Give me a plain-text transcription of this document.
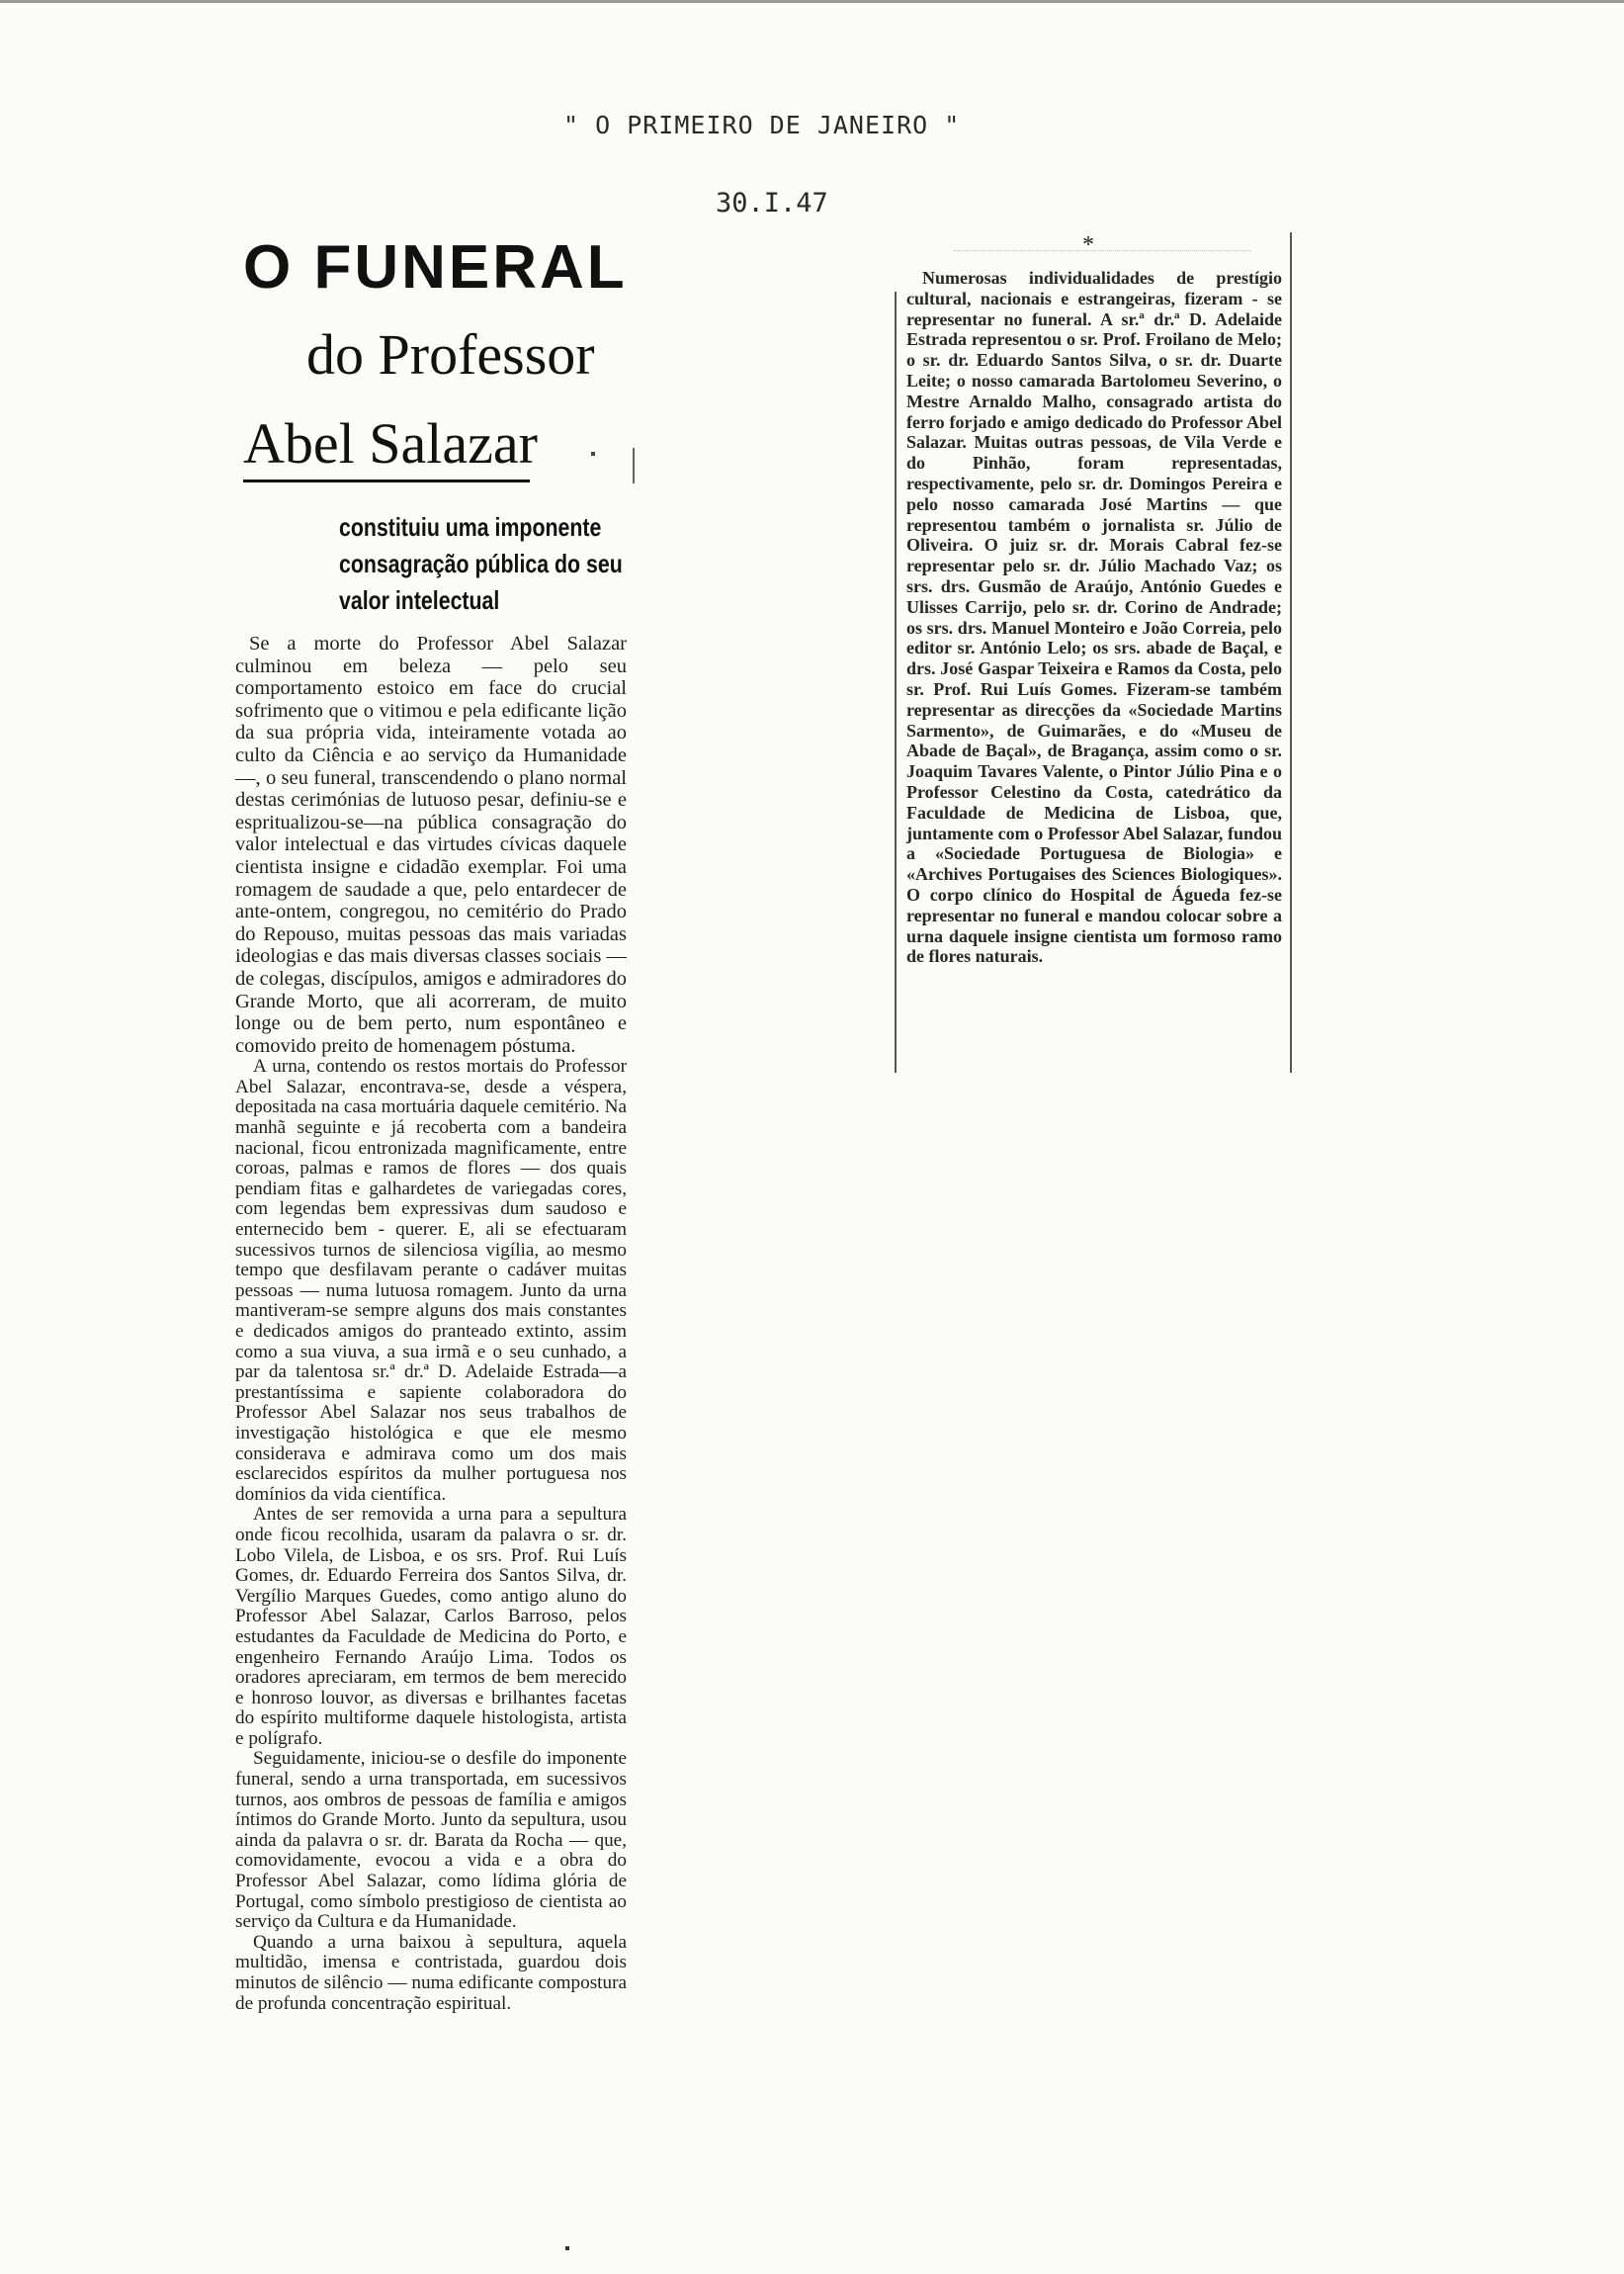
" O PRIMEIRO DE JANEIRO "
30.I.47
O FUNERAL
do Professor
Abel Salazar
constituiu uma imponente
consagração pública do seu
valor intelectual

Se a morte do Professor Abel Salazar culminou em beleza — pelo seu comportamento estoico em face do crucial sofrimento que o vitimou e pela edificante lição da sua própria vida, inteiramente votada ao culto da Ciência e ao serviço da Humanidade—, o seu funeral, transcendendo o plano normal destas cerimónias de lutuoso pesar, definiu-se e espritualizou-se—na pública consagração do valor intelectual e das virtudes cívicas daquele cientista insigne e cidadão exemplar. Foi uma romagem de saudade a que, pelo entardecer de ante-ontem, congregou, no cemitério do Prado do Repouso, muitas pessoas das mais variadas ideologias e das mais diversas classes sociais — de colegas, discípulos, amigos e admiradores do Grande Morto, que ali acorreram, de muito longe ou de bem perto, num espontâneo e comovido preito de homenagem póstuma.

A urna, contendo os restos mortais do Professor Abel Salazar, encontrava-se, desde a véspera, depositada na casa mortuária daquele cemitério. Na manhã seguinte e já recoberta com a bandeira nacional, ficou entronizada magnìficamente, entre coroas, palmas e ramos de flores — dos quais pendiam fitas e galhardetes de variegadas cores, com legendas bem expressivas dum saudoso e enternecido bem - querer. E, ali se efectuaram sucessivos turnos de silenciosa vigília, ao mesmo tempo que desfilavam perante o cadáver muitas pessoas — numa lutuosa romagem. Junto da urna mantiveram-se sempre alguns dos mais constantes e dedicados amigos do pranteado extinto, assim como a sua viuva, a sua irmã e o seu cunhado, a par da talentosa sr.ª dr.ª D. Adelaide Estrada—a prestantíssima e sapiente colaboradora do Professor Abel Salazar nos seus trabalhos de investigação histológica e que ele mesmo considerava e admirava como um dos mais esclarecidos espíritos da mulher portuguesa nos domínios da vida científica.

Antes de ser removida a urna para a sepultura onde ficou recolhida, usaram da palavra o sr. dr. Lobo Vilela, de Lisboa, e os srs. Prof. Rui Luís Gomes, dr. Eduardo Ferreira dos Santos Silva, dr. Vergílio Marques Guedes, como antigo aluno do Professor Abel Salazar, Carlos Barroso, pelos estudantes da Faculdade de Medicina do Porto, e engenheiro Fernando Araújo Lima. Todos os oradores apreciaram, em termos de bem merecido e honroso louvor, as diversas e brilhantes facetas do espírito multiforme daquele histologista, artista e polígrafo.

Seguidamente, iniciou-se o desfile do imponente funeral, sendo a urna transportada, em sucessivos turnos, aos ombros de pessoas de família e amigos íntimos do Grande Morto. Junto da sepultura, usou ainda da palavra o sr. dr. Barata da Rocha — que, comovidamente, evocou a vida e a obra do Professor Abel Salazar, como lídima glória de Portugal, como símbolo prestigioso de cientista ao serviço da Cultura e da Humanidade.

Quando a urna baixou à sepultura, aquela multidão, imensa e contristada, guardou dois minutos de silêncio — numa edificante compostura de profunda concentração espiritual.

*

Numerosas individualidades de prestígio cultural, nacionais e estrangeiras, fizeram - se representar no funeral. A sr.ª dr.ª D. Adelaide Estrada representou o sr. Prof. Froilano de Melo; o sr. dr. Eduardo Santos Silva, o sr. dr. Duarte Leite; o nosso camarada Bartolomeu Severino, o Mestre Arnaldo Malho, consagrado artista do ferro forjado e amigo dedicado do Professor Abel Salazar. Muitas outras pessoas, de Vila Verde e do Pinhão, foram representadas, respectivamente, pelo sr. dr. Domingos Pereira e pelo nosso camarada José Martins — que representou também o jornalista sr. Júlio de Oliveira. O juiz sr. dr. Morais Cabral fez-se representar pelo sr. dr. Júlio Machado Vaz; os srs. drs. Gusmão de Araújo, António Guedes e Ulisses Carrijo, pelo sr. dr. Corino de Andrade; os srs. drs. Manuel Monteiro e João Correia, pelo editor sr. António Lelo; os srs. abade de Baçal, e drs. José Gaspar Teixeira e Ramos da Costa, pelo sr. Prof. Rui Luís Gomes. Fizeram-se também representar as direcções da «Sociedade Martins Sarmento», de Guimarães, e do «Museu de Abade de Baçal», de Bragança, assim como o sr. Joaquim Tavares Valente, o Pintor Júlio Pina e o Professor Celestino da Costa, catedrático da Faculdade de Medicina de Lisboa, que, juntamente com o Professor Abel Salazar, fundou a «Sociedade Portuguesa de Biologia» e «Archives Portugaises des Sciences Biologiques». O corpo clínico do Hospital de Águeda fez-se representar no funeral e mandou colocar sobre a urna daquele insigne cientista um formoso ramo de flores naturais.
